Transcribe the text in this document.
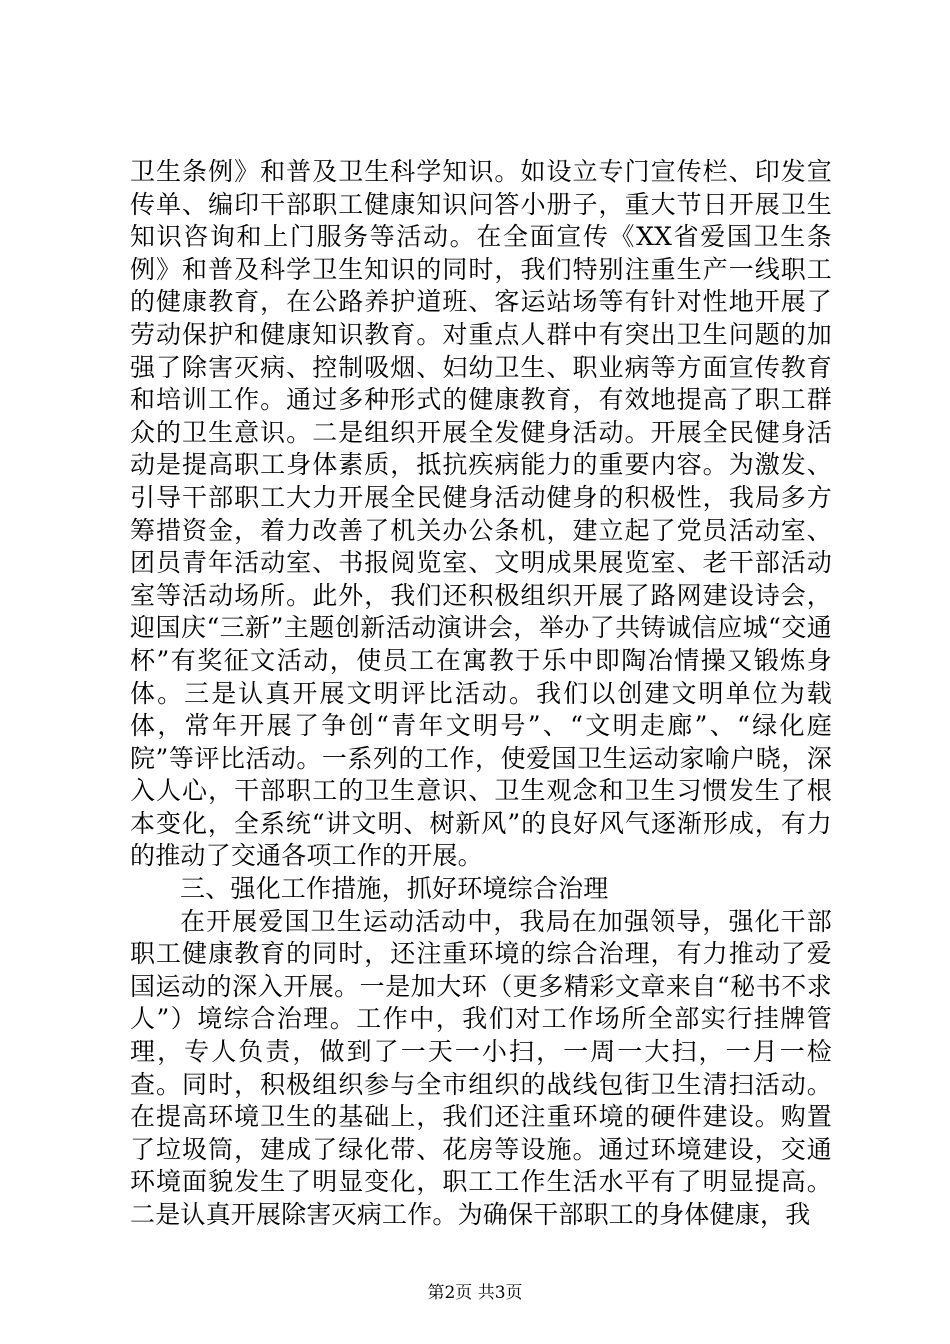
卫生条例》和普及卫生科学知识。如设立专门宣传栏、印发宣传单、编印干部职工健康知识问答小册子，重大节日开展卫生知识咨询和上门服务等活动。在全面宣传《XX省爱国卫生条例》和普及科学卫生知识的同时，我们特别注重生产一线职工的健康教育，在公路养护道班、客运站场等有针对性地开展了劳动保护和健康知识教育。对重点人群中有突出卫生问题的加强了除害灭病、控制吸烟、妇幼卫生、职业病等方面宣传教育和培训工作。通过多种形式的健康教育，有效地提高了职工群众的卫生意识。二是组织开展全发健身活动。开展全民健身活动是提高职工身体素质，抵抗疾病能力的重要内容。为激发、引导干部职工大力开展全民健身活动健身的积极性，我局多方筹措资金，着力改善了机关办公条机，建立起了党员活动室、团员青年活动室、书报阅览室、文明成果展览室、老干部活动室等活动场所。此外，我们还积极组织开展了路网建设诗会，迎国庆“三新”主题创新活动演讲会，举办了共铸诚信应城“交通杯”有奖征文活动，使员工在寓教于乐中即陶冶情操又锻炼身体。三是认真开展文明评比活动。我们以创建文明单位为载体，常年开展了争创“青年文明号”、“文明走廊”、“绿化庭院”等评比活动。一系列的工作，使爱国卫生运动家喻户晓，深入人心，干部职工的卫生意识、卫生观念和卫生习惯发生了根本变化，全系统“讲文明、树新风”的良好风气逐渐形成，有力的推动了交通各项工作的开展。

三、强化工作措施，抓好环境综合治理

在开展爱国卫生运动活动中，我局在加强领导，强化干部职工健康教育的同时，还注重环境的综合治理，有力推动了爱国运动的深入开展。一是加大环（更多精彩文章来自“秘书不求人”）境综合治理。工作中，我们对工作场所全部实行挂牌管理，专人负责，做到了一天一小扫，一周一大扫，一月一检查。同时，积极组织参与全市组织的战线包街卫生清扫活动。在提高环境卫生的基础上，我们还注重环境的硬件建设。购置了垃圾筒，建成了绿化带、花房等设施。通过环境建设，交通环境面貌发生了明显变化，职工工作生活水平有了明显提高。二是认真开展除害灭病工作。为确保干部职工的身体健康，我

第2页 共3页
